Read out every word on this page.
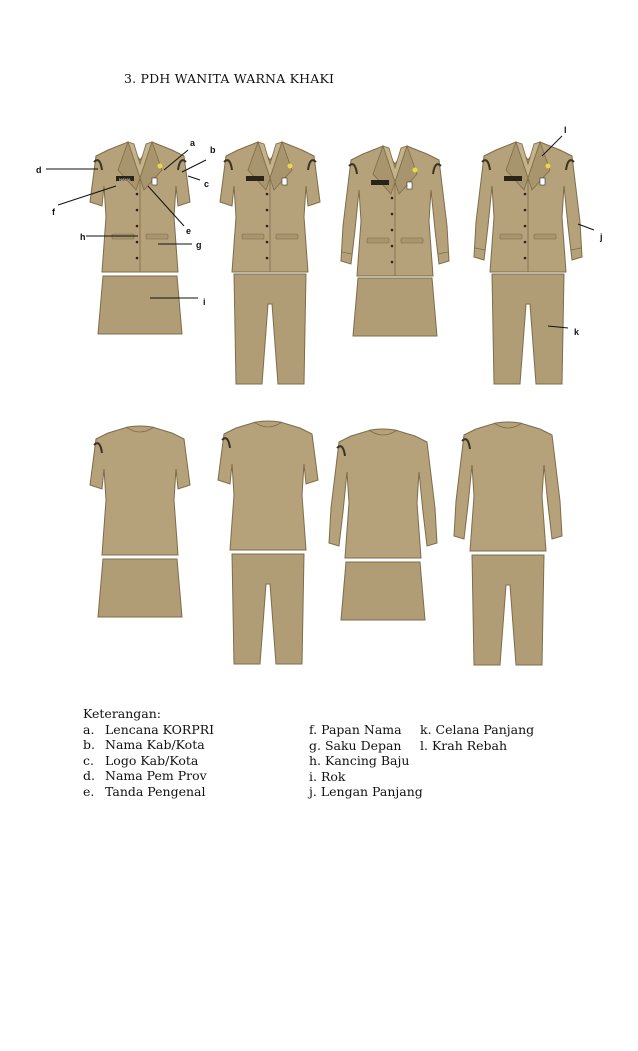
3. PDH WANITA WARNA KHAKI
NAMA
a
b
c
d
e
f
g
h
i
j
k
l
Keterangan:
a. Lencana KORPRI
b. Nama Kab/Kota
c. Logo Kab/Kota
d. Nama Pem Prov
e. Tanda Pengenal
f. Papan Nama
g. Saku Depan
h. Kancing Baju
i. Rok
j. Lengan Panjang
k. Celana Panjang
l. Krah Rebah
